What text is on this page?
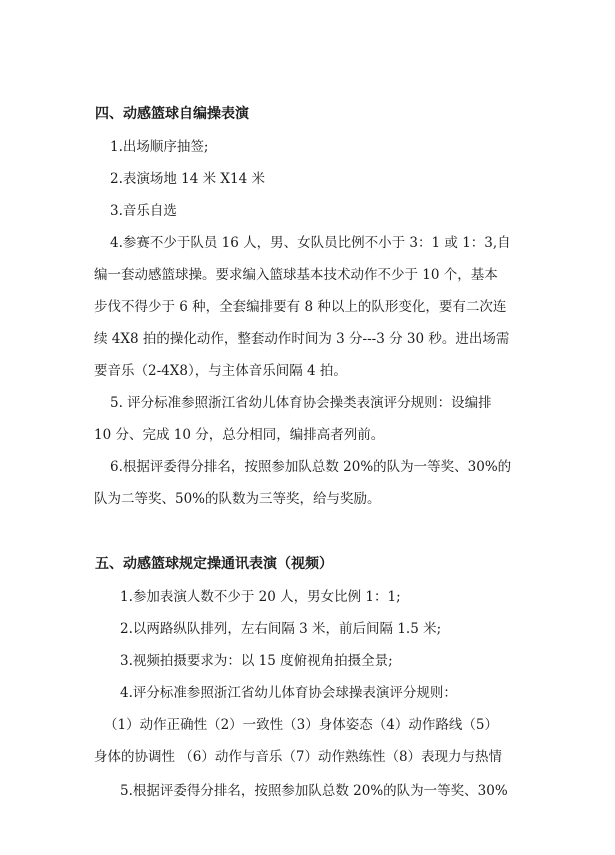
四、动感篮球自编操表演
1.出场顺序抽签;
2.表演场地 14 米 X14 米
3.音乐自选
4.参赛不少于队员 16 人，男、女队员比例不小于 3：1 或 1：3,自
编一套动感篮球操。要求编入篮球基本技术动作不少于 10 个，基本
步伐不得少于 6 种，全套编排要有 8 种以上的队形变化，要有二次连
续 4X8 拍的操化动作，整套动作时间为 3 分---3 分 30 秒。进出场需
要音乐（2-4X8），与主体音乐间隔 4 拍。
5. 评分标准参照浙江省幼儿体育协会操类表演评分规则：设编排
10 分、完成 10 分，总分相同，编排高者列前。
6.根据评委得分排名，按照参加队总数 20%的队为一等奖、30%的
队为二等奖、50%的队数为三等奖，给与奖励。
五、动感篮球规定操通讯表演（视频）
1.参加表演人数不少于 20 人，男女比例 1：1;
2.以两路纵队排列，左右间隔 3 米，前后间隔 1.5 米;
3.视频拍摄要求为：以 15 度俯视角拍摄全景;
4.评分标准参照浙江省幼儿体育协会球操表演评分规则：
（1）动作正确性（2）一致性（3）身体姿态（4）动作路线（5）
身体的协调性 （6）动作与音乐（7）动作熟练性（8）表现力与热情
5.根据评委得分排名，按照参加队总数 20%的队为一等奖、30%
